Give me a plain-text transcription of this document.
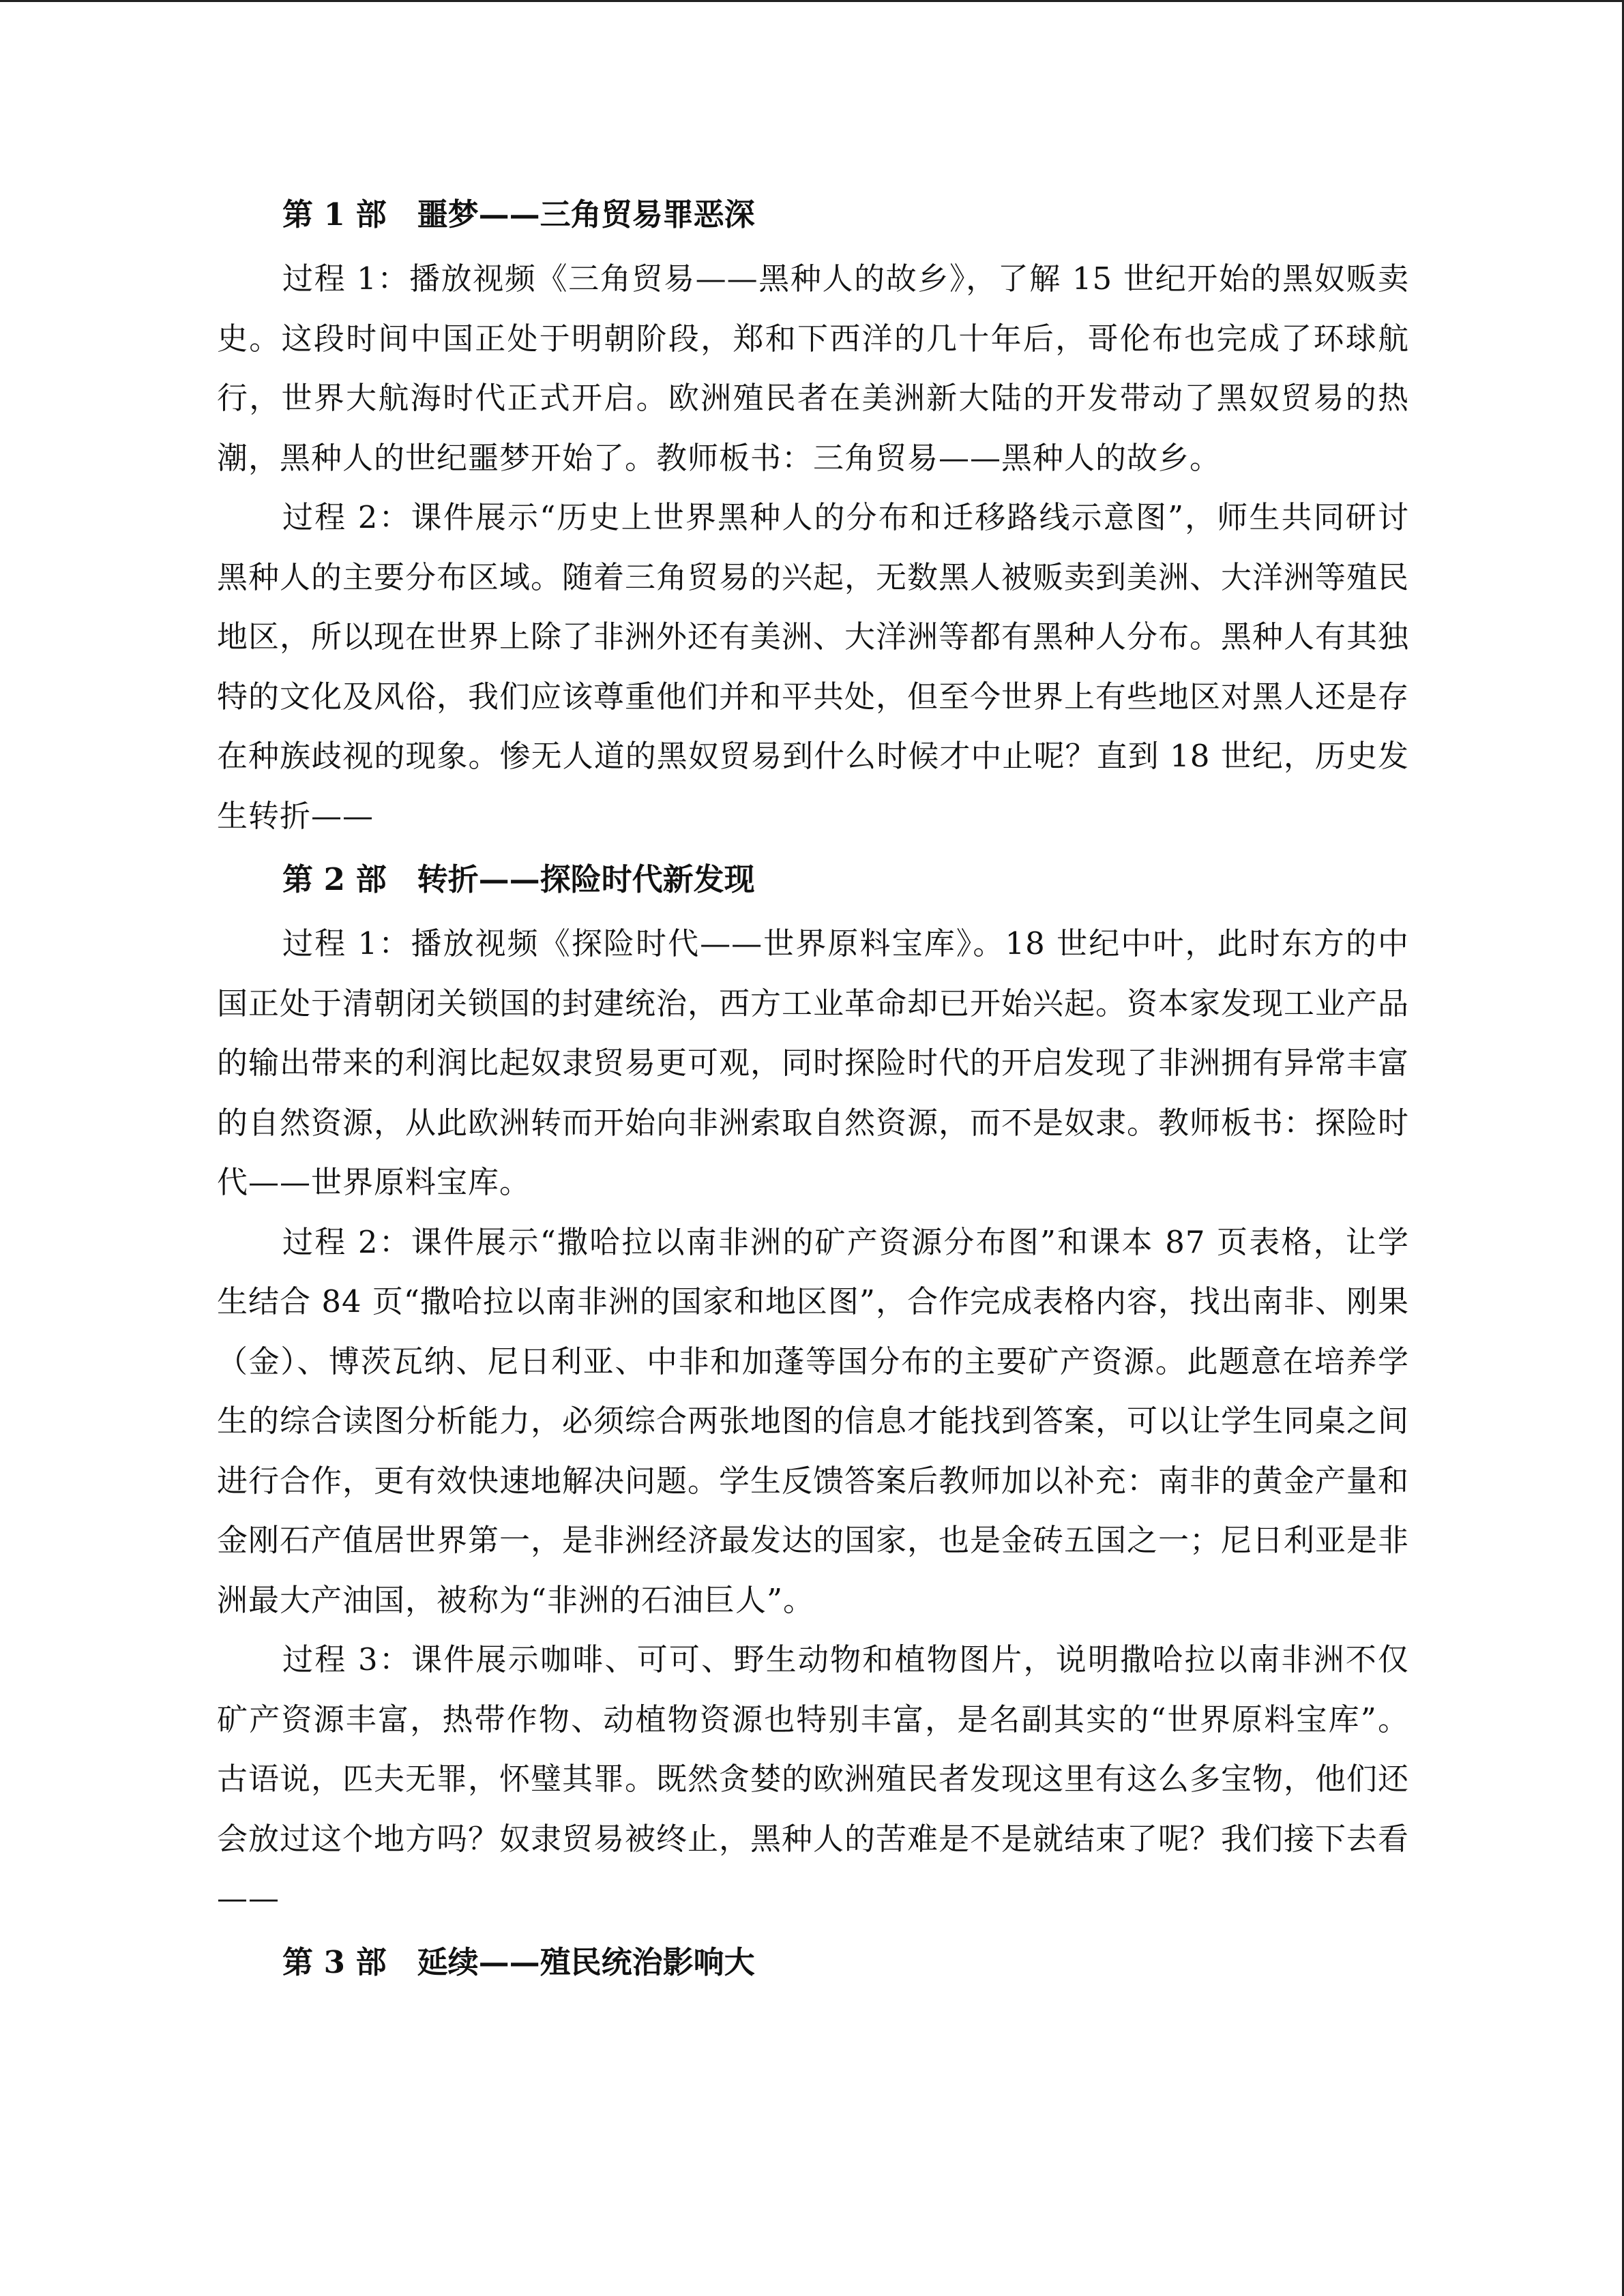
第 1 部　噩梦——三角贸易罪恶深

过程 1：播放视频《三角贸易——黑种人的故乡》，了解 15 世纪开始的黑奴贩卖史。这段时间中国正处于明朝阶段，郑和下西洋的几十年后，哥伦布也完成了环球航行，世界大航海时代正式开启。欧洲殖民者在美洲新大陆的开发带动了黑奴贸易的热潮，黑种人的世纪噩梦开始了。教师板书：三角贸易——黑种人的故乡。

过程 2：课件展示“历史上世界黑种人的分布和迁移路线示意图”，师生共同研讨黑种人的主要分布区域。随着三角贸易的兴起，无数黑人被贩卖到美洲、大洋洲等殖民地区，所以现在世界上除了非洲外还有美洲、大洋洲等都有黑种人分布。黑种人有其独特的文化及风俗，我们应该尊重他们并和平共处，但至今世界上有些地区对黑人还是存在种族歧视的现象。惨无人道的黑奴贸易到什么时候才中止呢？直到 18 世纪，历史发生转折——

第 2 部　转折——探险时代新发现

过程 1：播放视频《探险时代——世界原料宝库》。18 世纪中叶，此时东方的中国正处于清朝闭关锁国的封建统治，西方工业革命却已开始兴起。资本家发现工业产品的输出带来的利润比起奴隶贸易更可观，同时探险时代的开启发现了非洲拥有异常丰富的自然资源，从此欧洲转而开始向非洲索取自然资源，而不是奴隶。教师板书：探险时代——世界原料宝库。

过程 2：课件展示“撒哈拉以南非洲的矿产资源分布图”和课本 87 页表格，让学生结合 84 页“撒哈拉以南非洲的国家和地区图”，合作完成表格内容，找出南非、刚果（金）、博茨瓦纳、尼日利亚、中非和加蓬等国分布的主要矿产资源。此题意在培养学生的综合读图分析能力，必须综合两张地图的信息才能找到答案，可以让学生同桌之间进行合作，更有效快速地解决问题。学生反馈答案后教师加以补充：南非的黄金产量和金刚石产值居世界第一，是非洲经济最发达的国家，也是金砖五国之一；尼日利亚是非洲最大产油国，被称为“非洲的石油巨人”。

过程 3：课件展示咖啡、可可、野生动物和植物图片，说明撒哈拉以南非洲不仅矿产资源丰富，热带作物、动植物资源也特别丰富，是名副其实的“世界原料宝库”。古语说，匹夫无罪，怀璧其罪。既然贪婪的欧洲殖民者发现这里有这么多宝物，他们还会放过这个地方吗？奴隶贸易被终止，黑种人的苦难是不是就结束了呢？我们接下去看——

第 3 部　延续——殖民统治影响大
